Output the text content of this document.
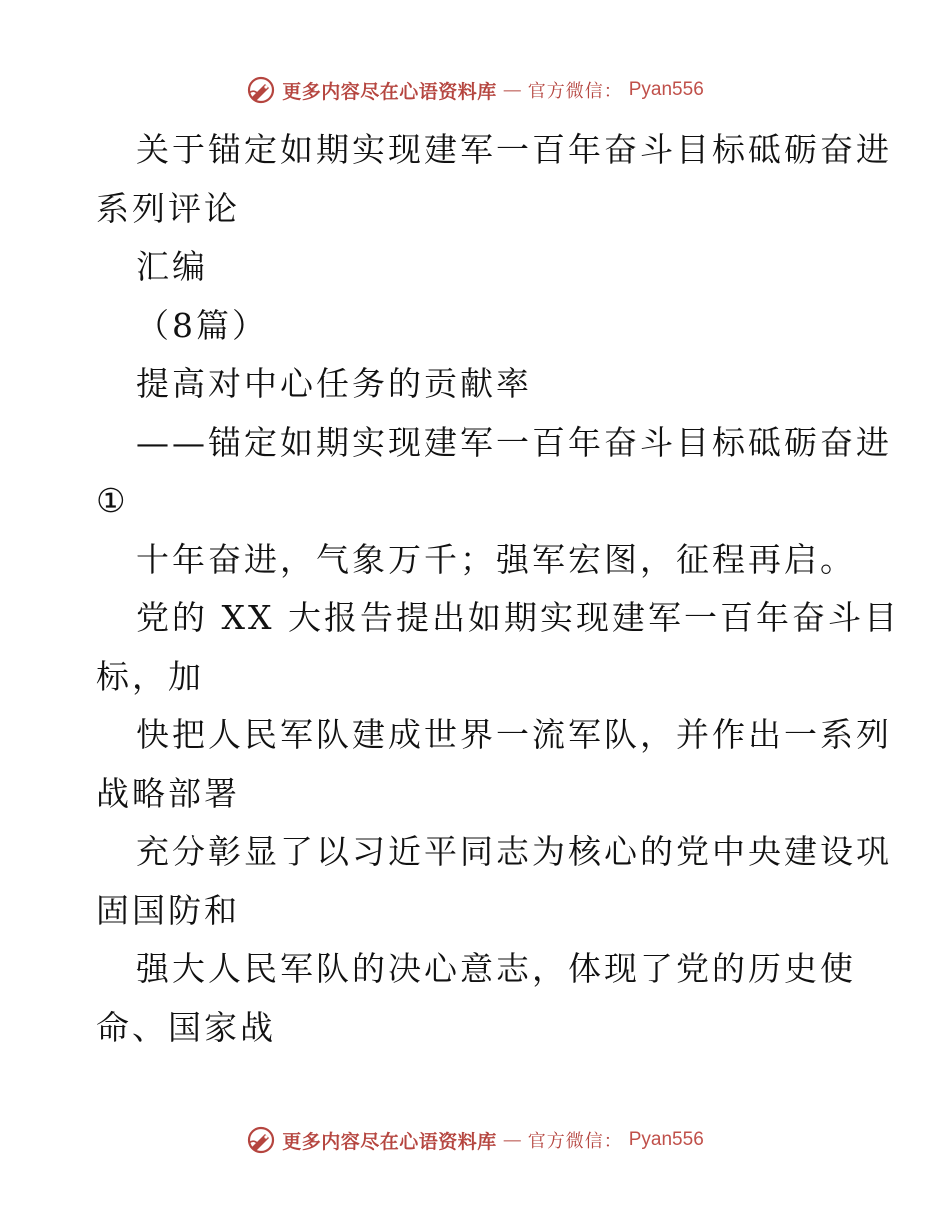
更多内容尽在心语资料库 — 官方微信： Pyan556
关于锚定如期实现建军一百年奋斗目标砥砺奋进
系列评论
汇编
（8篇）
提高对中心任务的贡献率
——锚定如期实现建军一百年奋斗目标砥砺奋进
①
十年奋进，气象万千；强军宏图，征程再启。
党的 XX 大报告提出如期实现建军一百年奋斗目
标，加
快把人民军队建成世界一流军队，并作出一系列
战略部署
充分彰显了以习近平同志为核心的党中央建设巩
固国防和
强大人民军队的决心意志，体现了党的历史使
命、国家战
更多内容尽在心语资料库 — 官方微信： Pyan556
